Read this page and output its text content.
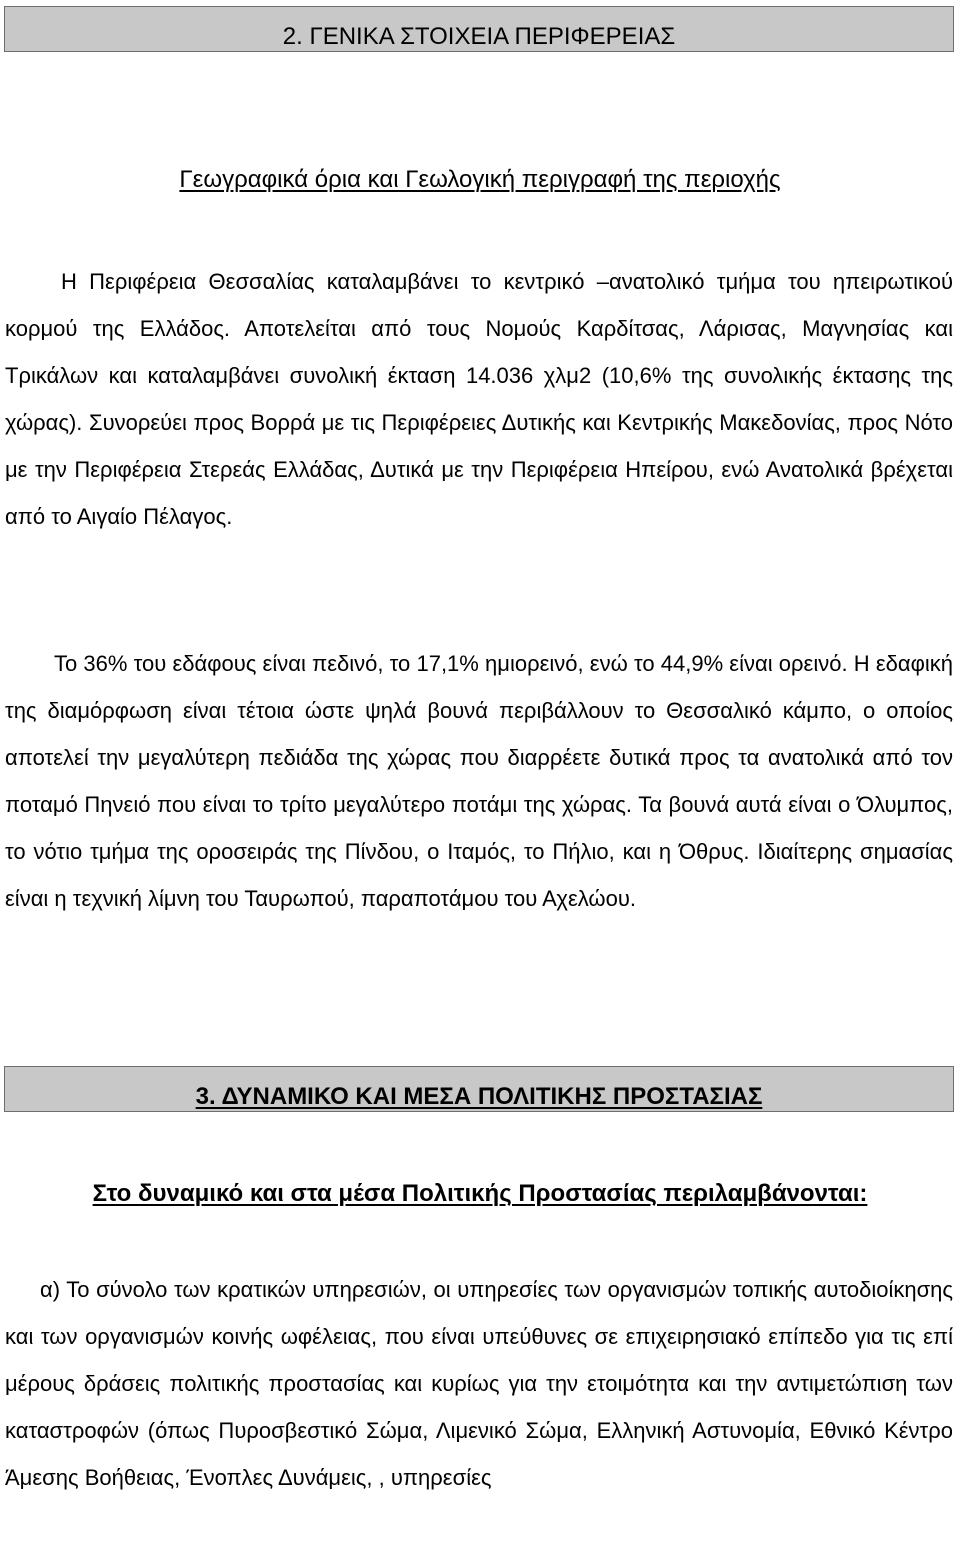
2. ΓΕΝΙΚΑ ΣΤΟΙΧΕΙΑ ΠΕΡΙΦΕΡΕΙΑΣ
Γεωγραφικά όρια και Γεωλογική περιγραφή της περιοχής

Η Περιφέρεια Θεσσαλίας καταλαμβάνει το κεντρικό –ανατολικό τμήμα του ηπειρωτικού κορμού της Ελλάδος. Αποτελείται από τους Νομούς Καρδίτσας, Λάρισας, Μαγνησίας και Τρικάλων και καταλαμβάνει συνολική έκταση 14.036 χλμ2 (10,6% της συνολικής έκτασης της χώρας). Συνορεύει προς Βορρά με τις Περιφέρειες Δυτικής και Κεντρικής Μακεδονίας, προς Νότο με την Περιφέρεια Στερεάς Ελλάδας, Δυτικά με την Περιφέρεια Ηπείρου, ενώ Ανατολικά βρέχεται από το Αιγαίο Πέλαγος.

Το 36% του εδάφους είναι πεδινό, το 17,1% ημιορεινό, ενώ το 44,9% είναι ορεινό. Η εδαφική της διαμόρφωση είναι τέτοια ώστε ψηλά βουνά περιβάλλουν το Θεσσαλικό κάμπο, ο οποίος αποτελεί την μεγαλύτερη πεδιάδα της χώρας που διαρρέετε δυτικά προς τα ανατολικά από τον ποταμό Πηνειό που είναι το τρίτο μεγαλύτερο ποτάμι της χώρας. Τα βουνά αυτά είναι ο Όλυμπος, το νότιο τμήμα της οροσειράς της Πίνδου, ο Ιταμός, το Πήλιο, και η Όθρυς. Ιδιαίτερης σημασίας είναι η τεχνική λίμνη του Ταυρωπού, παραποτάμου του Αχελώου.

3. ΔΥΝΑΜΙΚΟ ΚΑΙ ΜΕΣΑ ΠΟΛΙΤΙΚΗΣ ΠΡΟΣΤΑΣΙΑΣ
Στο δυναμικό και στα μέσα Πολιτικής Προστασίας περιλαμβάνονται:

α) Το σύνολο των κρατικών υπηρεσιών, οι υπηρεσίες των οργανισμών τοπικής αυτοδιοίκησης και των οργανισμών κοινής ωφέλειας, που είναι υπεύθυνες σε επιχειρησιακό επίπεδο για τις επί μέρους δράσεις πολιτικής προστασίας και κυρίως για την ετοιμότητα και την αντιμετώπιση των καταστροφών (όπως Πυροσβεστικό Σώμα, Λιμενικό Σώμα, Ελληνική Αστυνομία, Εθνικό Κέντρο Άμεσης Βοήθειας, Ένοπλες Δυνάμεις, , υπηρεσίες
